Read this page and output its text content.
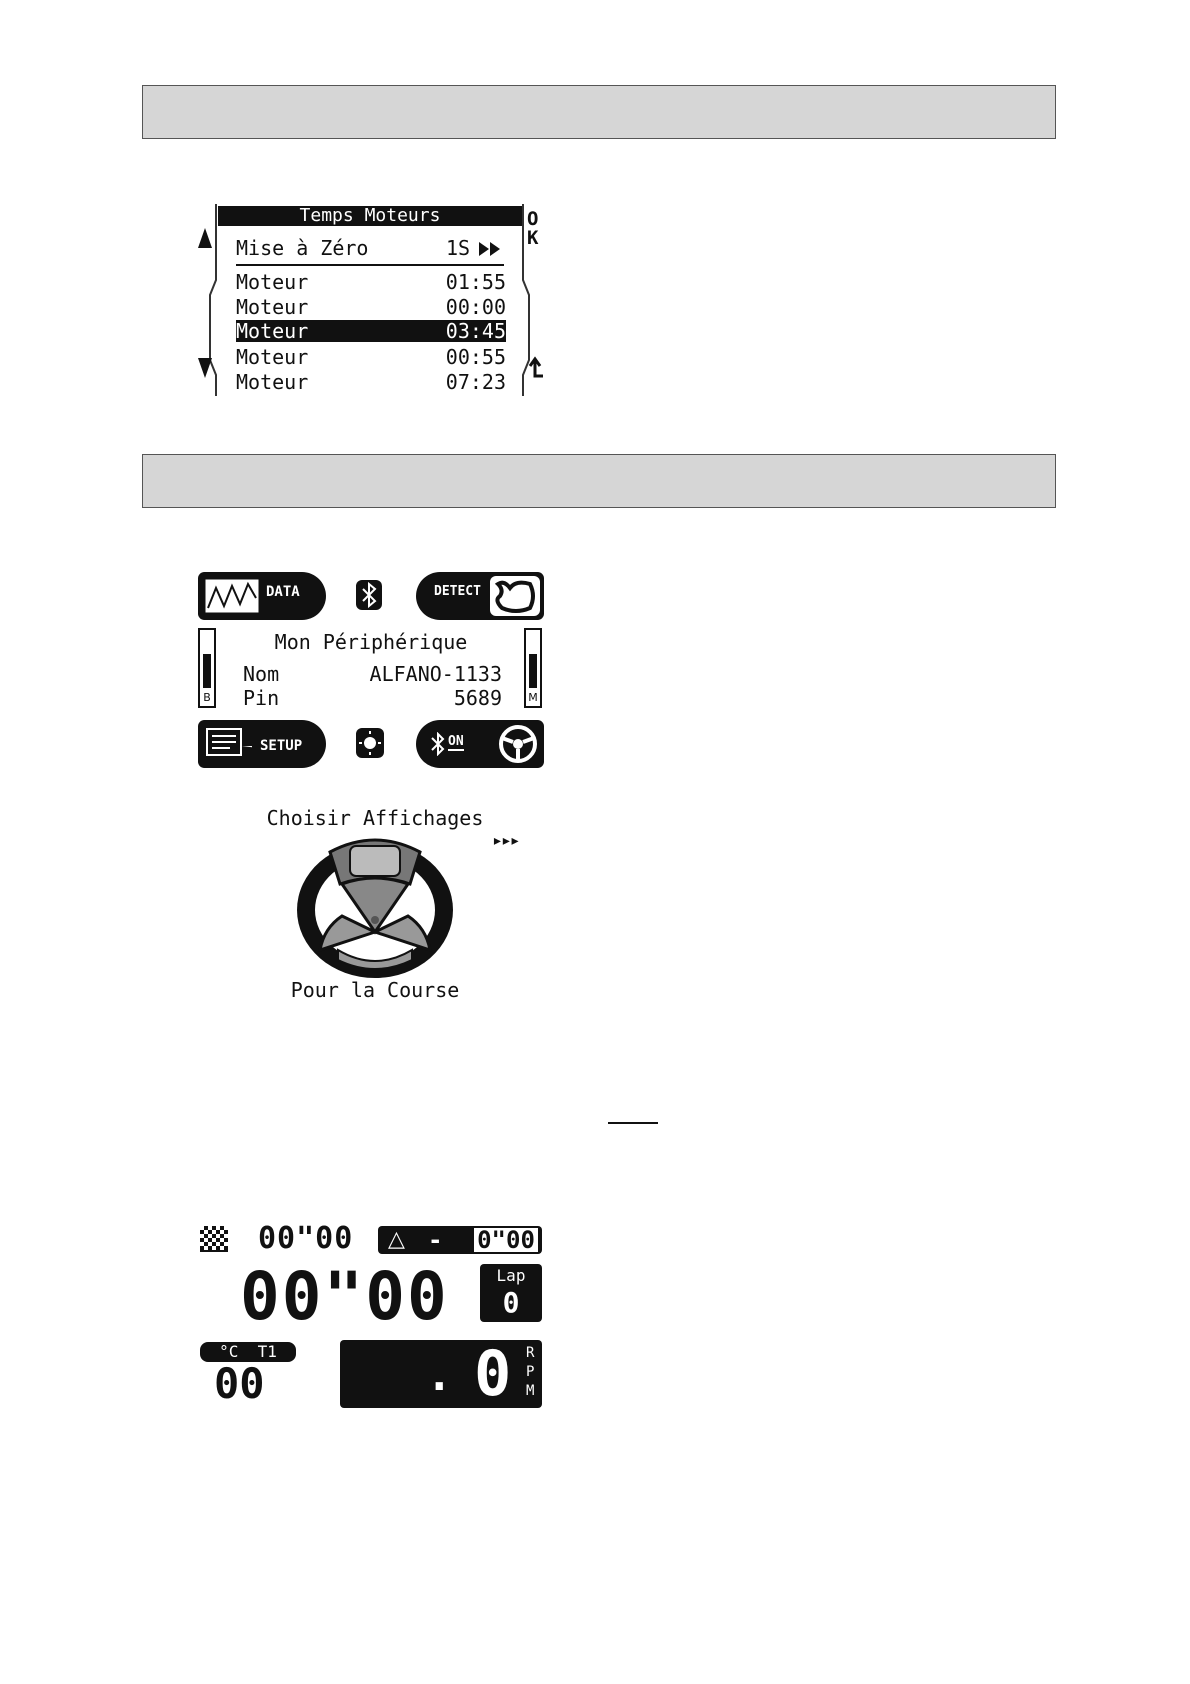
O
K
Temps Moteurs
Mise à Zéro	1S
Moteur	01:55
Moteur	00:00
Moteur	03:45
Moteur	00:55
Moteur	07:23
DATA	DETECT
B	M
Mon Périphérique
Nom	ALFANO-1133
Pin	5689
SETUP	ON
Choisir Affichages
▸▸▸
Pour la Course
00"00 △ - 0"00
00"00	Lap
0
°C  T1
00	. 0 RPM
